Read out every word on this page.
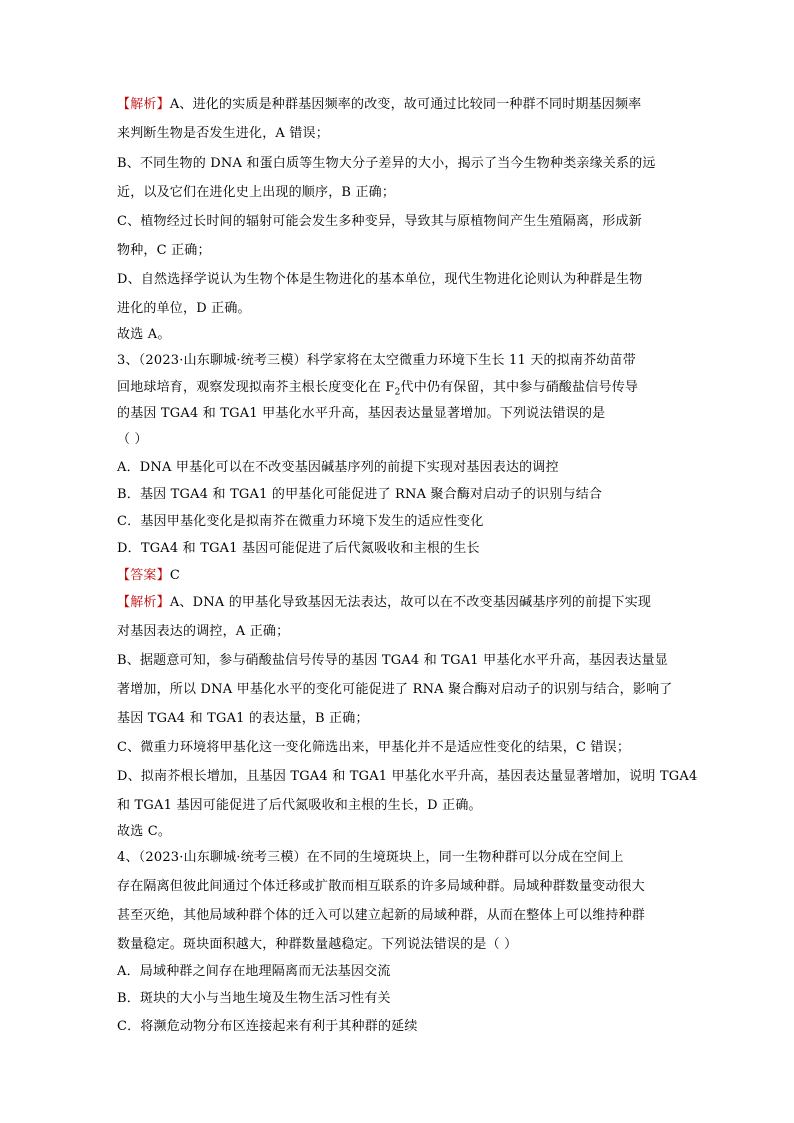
【解析】A、进化的实质是种群基因频率的改变，故可通过比较同一种群不同时期基因频率
来判断生物是否发生进化，A 错误；
B、不同生物的 DNA 和蛋白质等生物大分子差异的大小，揭示了当今生物种类亲缘关系的远
近，以及它们在进化史上出现的顺序，B 正确；
C、植物经过长时间的辐射可能会发生多种变异，导致其与原植物间产生生殖隔离，形成新
物种，C 正确；
D、自然选择学说认为生物个体是生物进化的基本单位，现代生物进化论则认为种群是生物
进化的单位，D 正确。
故选 A。
3、（2023·山东聊城·统考三模）科学家将在太空微重力环境下生长 11 天的拟南芥幼苗带
回地球培育，观察发现拟南芥主根长度变化在 $F_2$代中仍有保留，其中参与硝酸盐信号传导
的基因 TGA4 和 TGA1 甲基化水平升高，基因表达量显著增加。下列说法错误的是
（ ）
A．DNA 甲基化可以在不改变基因碱基序列的前提下实现对基因表达的调控
B．基因 TGA4 和 TGA1 的甲基化可能促进了 RNA 聚合酶对启动子的识别与结合
C．基因甲基化变化是拟南芥在微重力环境下发生的适应性变化
D．TGA4 和 TGA1 基因可能促进了后代氮吸收和主根的生长
【答案】C
【解析】A、DNA 的甲基化导致基因无法表达，故可以在不改变基因碱基序列的前提下实现
对基因表达的调控，A 正确；
B、据题意可知，参与硝酸盐信号传导的基因 TGA4 和 TGA1 甲基化水平升高，基因表达量显
著增加，所以 DNA 甲基化水平的变化可能促进了 RNA 聚合酶对启动子的识别与结合，影响了
基因 TGA4 和 TGA1 的表达量，B 正确；
C、微重力环境将甲基化这一变化筛选出来，甲基化并不是适应性变化的结果，C 错误；
D、拟南芥根长增加，且基因 TGA4 和 TGA1 甲基化水平升高，基因表达量显著增加，说明 TGA4
和 TGA1 基因可能促进了后代氮吸收和主根的生长，D 正确。
故选 C。
4、（2023·山东聊城·统考三模）在不同的生境斑块上，同一生物种群可以分成在空间上
存在隔离但彼此间通过个体迁移或扩散而相互联系的许多局域种群。局域种群数量变动很大
甚至灭绝，其他局域种群个体的迁入可以建立起新的局域种群，从而在整体上可以维持种群
数量稳定。斑块面积越大，种群数量越稳定。下列说法错误的是（ ）
A．局域种群之间存在地理隔离而无法基因交流
B．斑块的大小与当地生境及生物生活习性有关
C．将濒危动物分布区连接起来有利于其种群的延续
